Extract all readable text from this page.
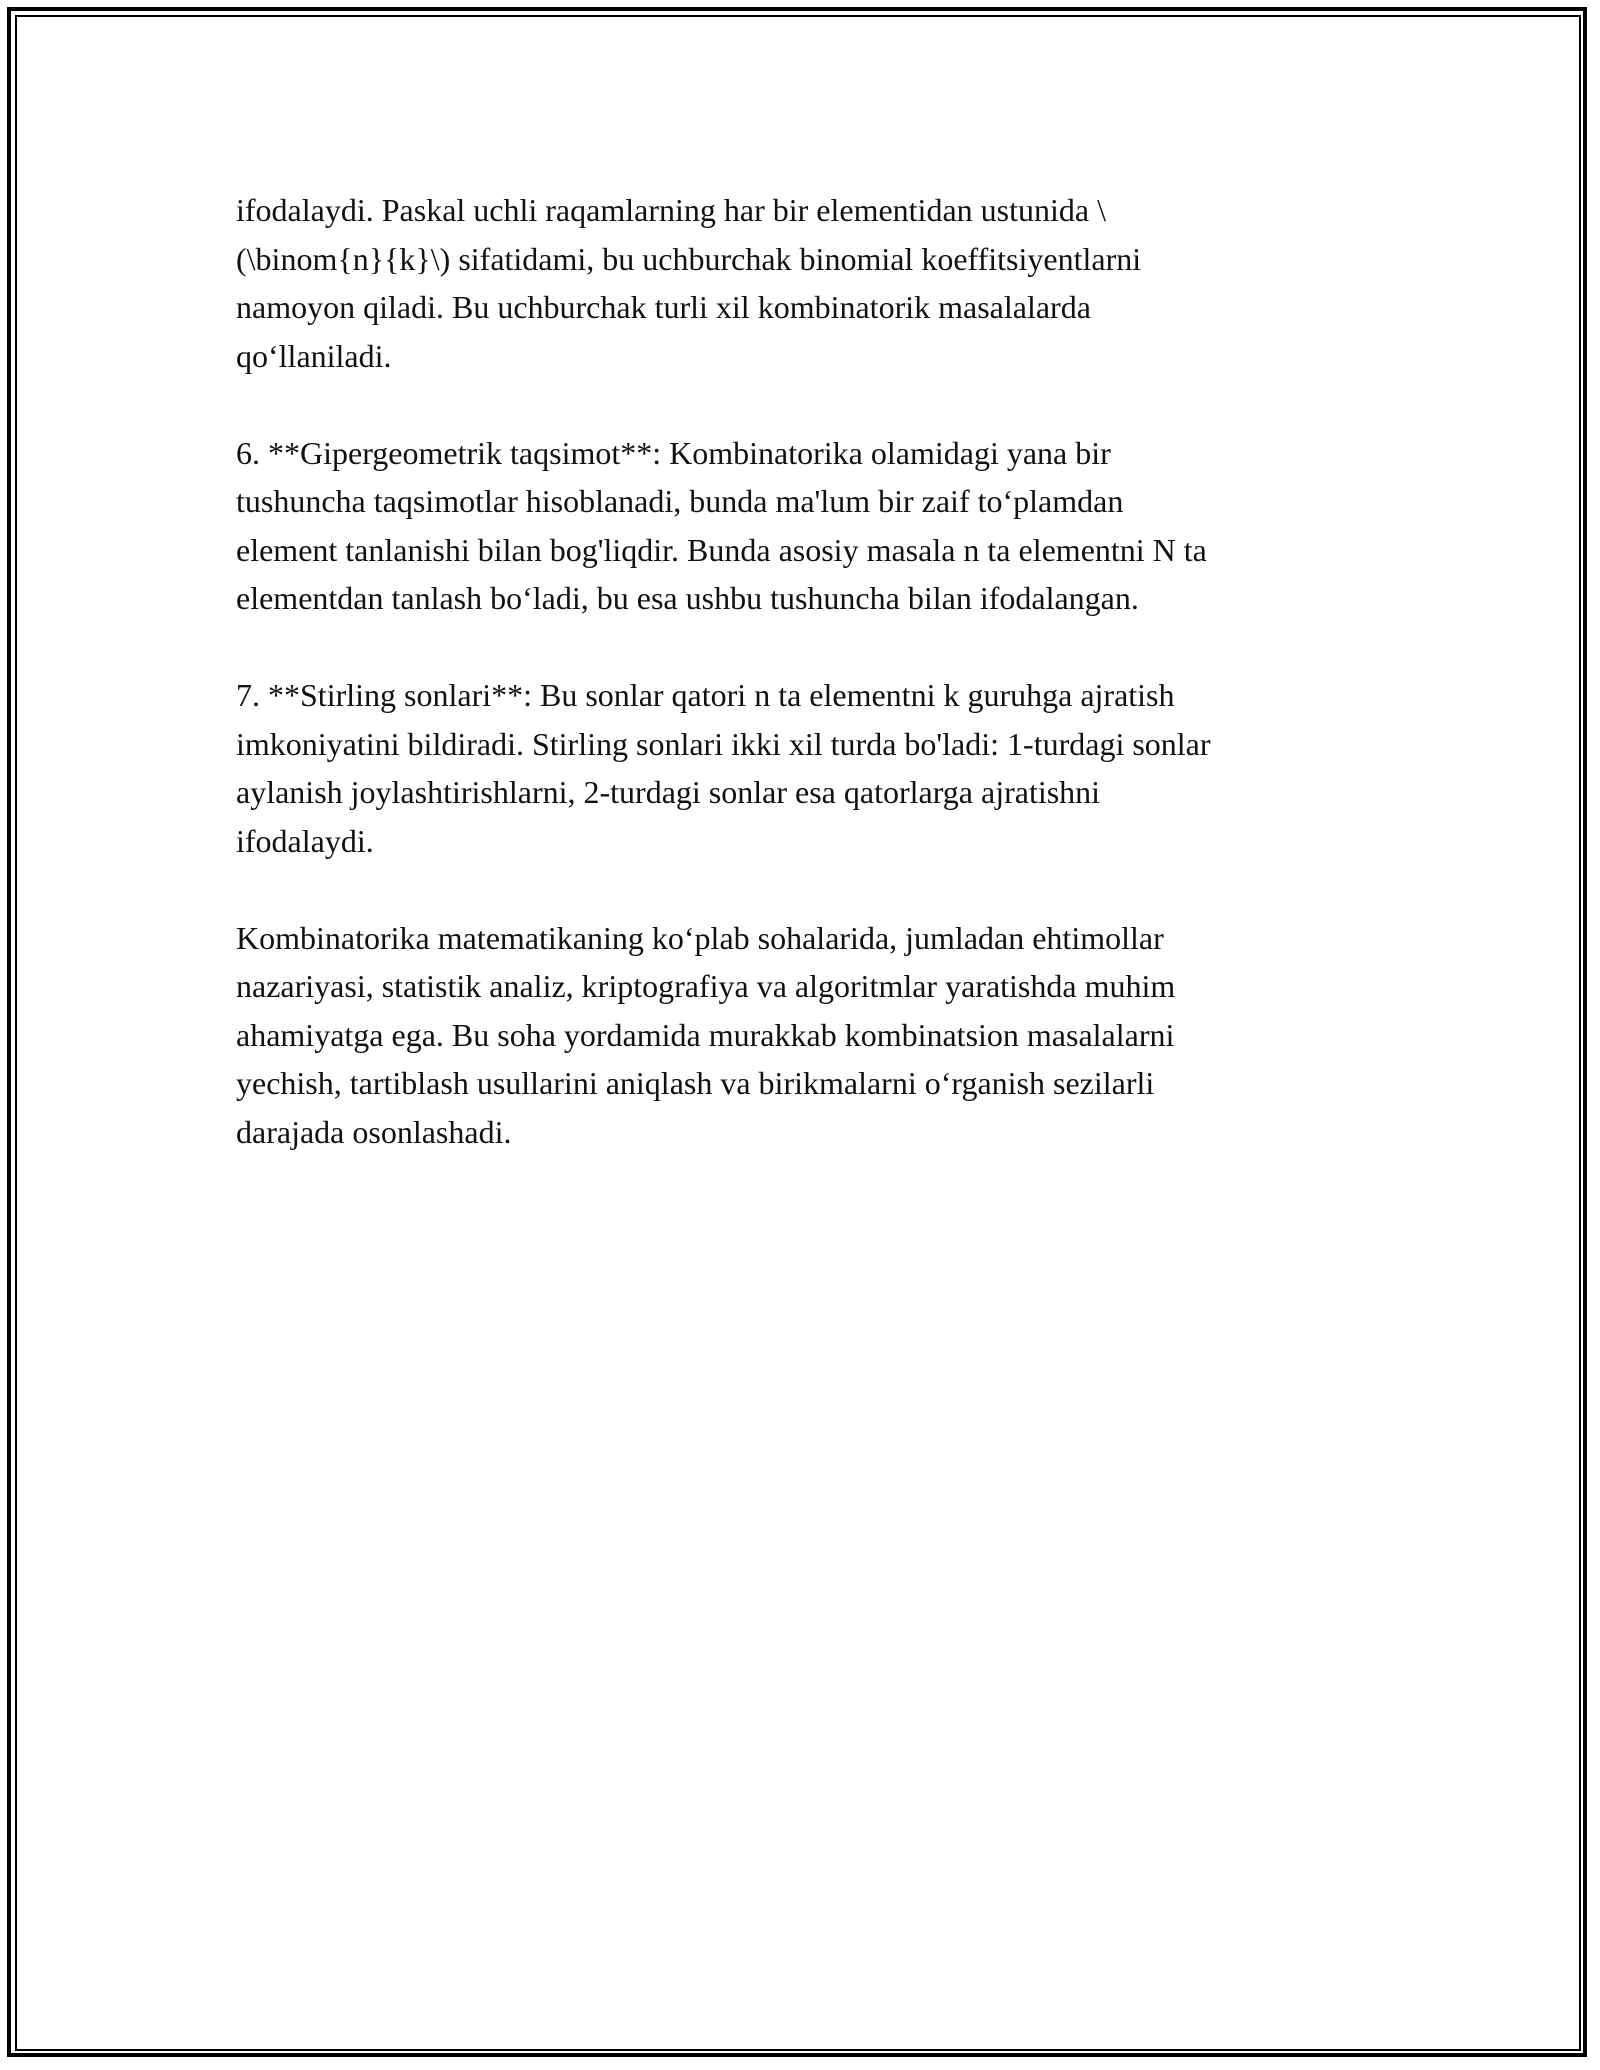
ifodalaydi. Paskal uchli raqamlarning har bir elementidan ustunida \
(\binom{n}{k}\) sifatidami, bu uchburchak binomial koeffitsiyentlarni
namoyon qiladi. Bu uchburchak turli xil kombinatorik masalalarda
qo‘llaniladi.

6. **Gipergeometrik taqsimot**: Kombinatorika olamidagi yana bir
tushuncha taqsimotlar hisoblanadi, bunda ma'lum bir zaif to‘plamdan
element tanlanishi bilan bog'liqdir. Bunda asosiy masala n ta elementni N ta
elementdan tanlash bo‘ladi, bu esa ushbu tushuncha bilan ifodalangan.

7. **Stirling sonlari**: Bu sonlar qatori n ta elementni k guruhga ajratish
imkoniyatini bildiradi. Stirling sonlari ikki xil turda bo'ladi: 1-turdagi sonlar
aylanish joylashtirishlarni, 2-turdagi sonlar esa qatorlarga ajratishni
ifodalaydi.

Kombinatorika matematikaning ko‘plab sohalarida, jumladan ehtimollar
nazariyasi, statistik analiz, kriptografiya va algoritmlar yaratishda muhim
ahamiyatga ega. Bu soha yordamida murakkab kombinatsion masalalarni
yechish, tartiblash usullarini aniqlash va birikmalarni o‘rganish sezilarli
darajada osonlashadi.
